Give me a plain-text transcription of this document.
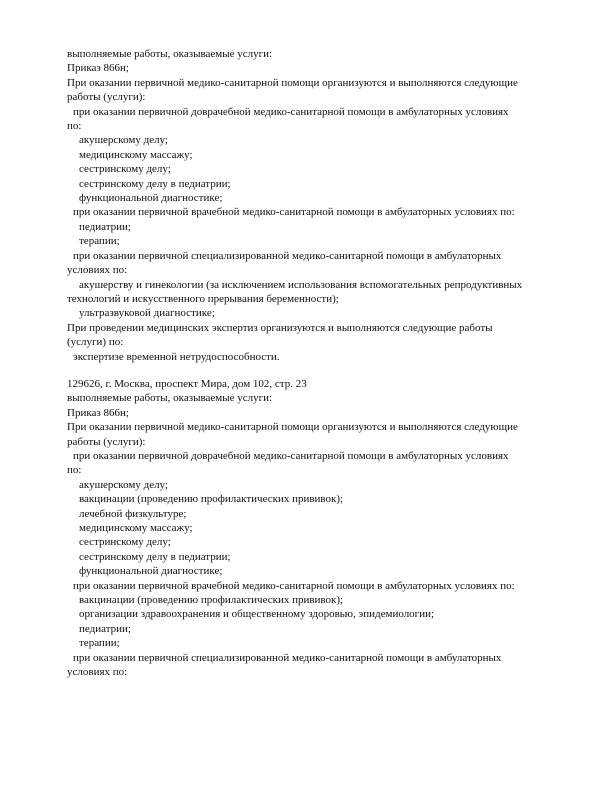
выполняемые работы, оказываемые услуги:
Приказ 866н;
При оказании первичной медико-санитарной помощи организуются и выполняются следующие
работы (услуги):
при оказании первичной доврачебной медико-санитарной помощи в амбулаторных условиях
по:
акушерскому делу;
медицинскому массажу;
сестринскому делу;
сестринскому делу в педиатрии;
функциональной диагностике;
при оказании первичной врачебной медико-санитарной помощи в амбулаторных условиях по:
педиатрии;
терапии;
при оказании первичной специализированной медико-санитарной помощи в амбулаторных
условиях по:
акушерству и гинекологии (за исключением использования вспомогательных репродуктивных
технологий и искусственного прерывания беременности);
ультразвуковой диагностике;
При проведении медицинских экспертиз организуются и выполняются следующие работы
(услуги) по:
экспертизе временной нетрудоспособности.
129626, г. Москва, проспект Мира, дом 102, стр. 23
выполняемые работы, оказываемые услуги:
Приказ 866н;
При оказании первичной медико-санитарной помощи организуются и выполняются следующие
работы (услуги):
при оказании первичной доврачебной медико-санитарной помощи в амбулаторных условиях
по:
акушерскому делу;
вакцинации (проведению профилактических прививок);
лечебной физкультуре;
медицинскому массажу;
сестринскому делу;
сестринскому делу в педиатрии;
функциональной диагностике;
при оказании первичной врачебной медико-санитарной помощи в амбулаторных условиях по:
вакцинации (проведению профилактических прививок);
организации здравоохранения и общественному здоровью, эпидемиологии;
педиатрии;
терапии;
при оказании первичной специализированной медико-санитарной помощи в амбулаторных
условиях по:
